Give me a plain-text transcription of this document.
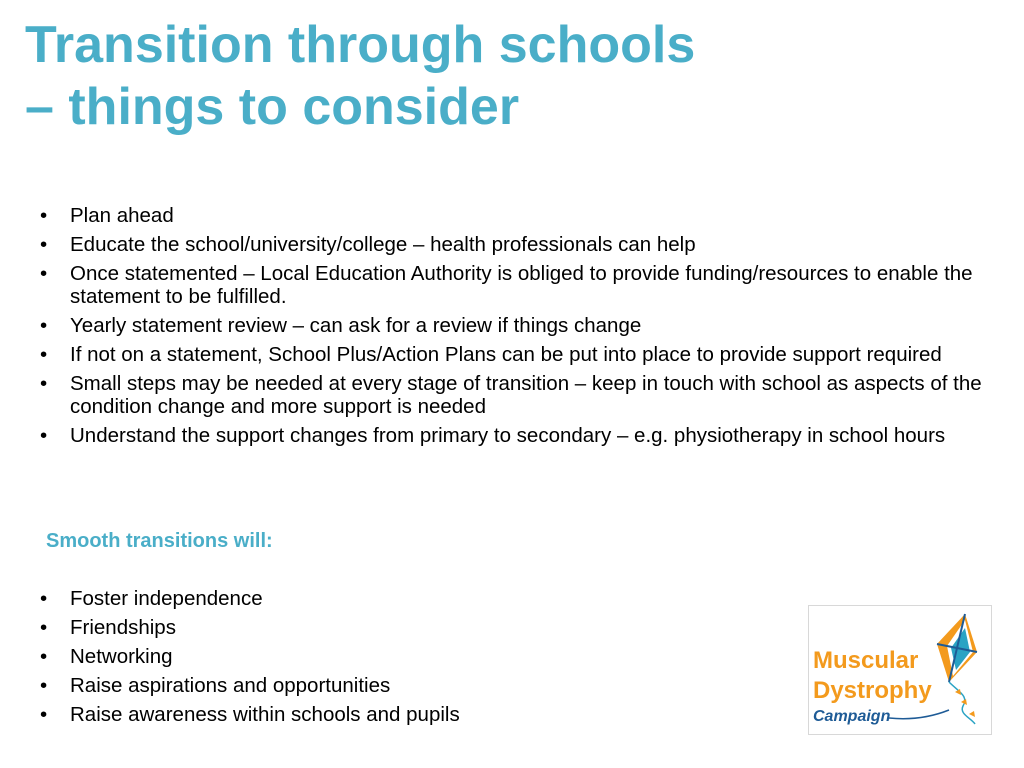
Transition through schools
– things to consider
•	Plan ahead
•	Educate the school/university/college – health professionals can help
•	Once statemented – Local Education Authority is obliged to provide funding/resources to enable the statement to be fulfilled.
•	Yearly statement review – can ask for a review if things change
•	If not on a statement, School Plus/Action Plans can be put into place to provide support required
•	Small steps may be needed at every stage of transition – keep in touch with school as aspects of the condition change and more support is needed
•	Understand the support changes from primary to secondary – e.g. physiotherapy in school hours

Smooth transitions will:

•	Foster independence
•	Friendships
•	Networking
•	Raise aspirations and opportunities
•	Raise awareness within schools and pupils
Muscular
Dystrophy
Campaign
